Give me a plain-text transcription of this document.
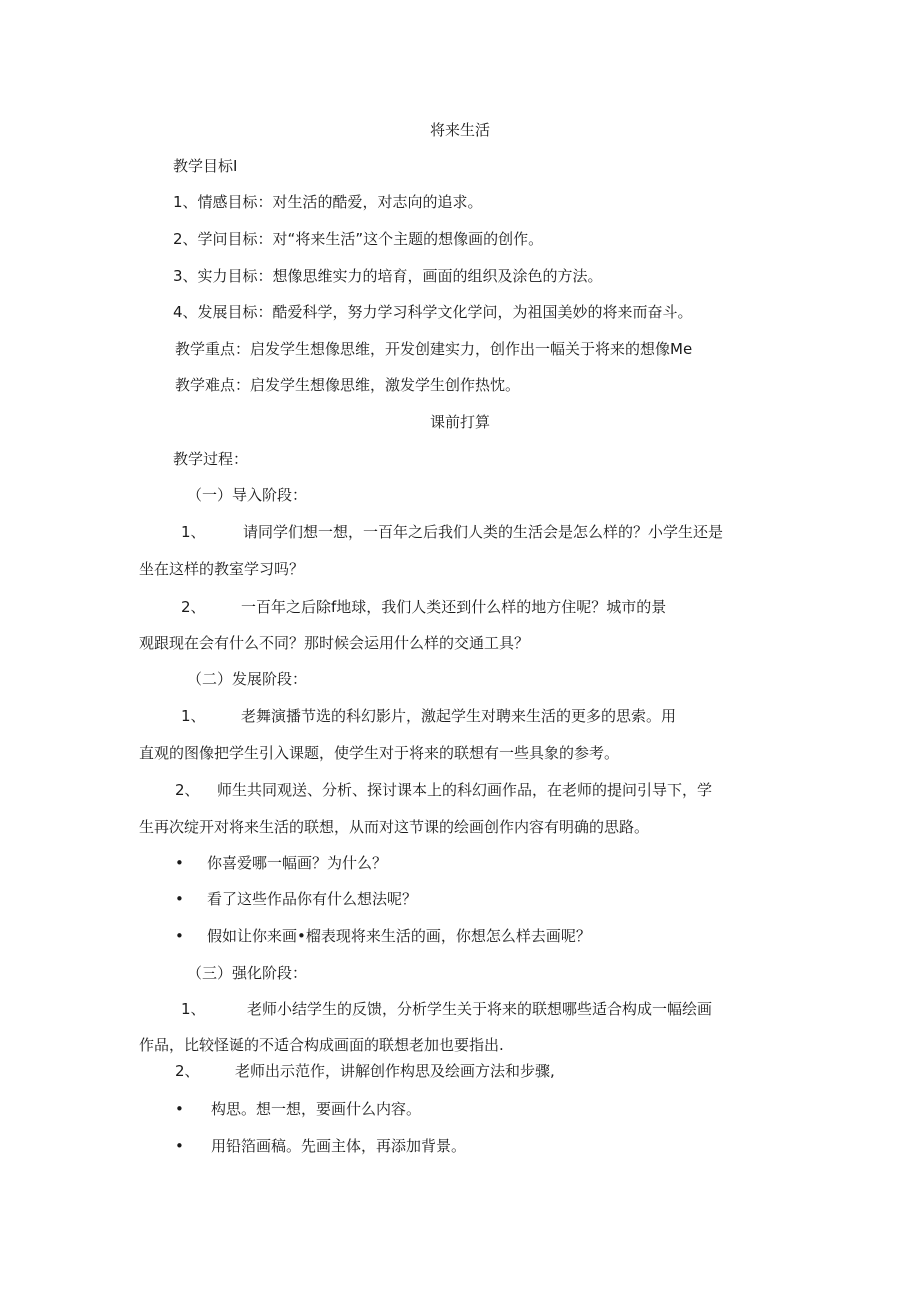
将来生活
教学目标I
1、情感目标：对生活的酷爱，对志向的追求。
2、学问目标：对“将来生活”这个主题的想像画的创作。
3、实力目标：想像思维实力的培育，画面的组织及涂色的方法。
4、发展目标：酷爱科学，努力学习科学文化学问，为祖国美妙的将来而奋斗。
教学重点：启发学生想像思维，开发创建实力，创作出一幅关于将来的想像Me
教学难点：启发学生想像思维，激发学生创作热忱。
课前打算
教学过程：
（一）导入阶段：
1、 请同学们想一想，一百年之后我们人类的生活会是怎么样的？小学生还是
坐在这样的教室学习吗？
2、 一百年之后除f地球，我们人类还到什么样的地方住呢？城市的景
观跟现在会有什么不同？那时候会运用什么样的交通工具？
（二）发展阶段：
1、 老舞演播节选的科幻影片，激起学生对聘来生活的更多的思索。用
直观的图像把学生引入课题，使学生对于将来的联想有一些具象的参考。
2、 师生共同观送、分析、探讨课本上的科幻画作品，在老师的提问引导下，学
生再次绽开对将来生活的联想，从而对这节课的绘画创作内容有明确的思路。
• 你喜爱哪一幅画？为什么？
• 看了这些作品你有什么想法呢？
• 假如让你来画•榴表现将来生活的画，你想怎么样去画呢？
（三）强化阶段：
1、	老师小结学生的反馈，分析学生关于将来的联想哪些适合构成一幅绘画
作品，比较怪诞的不适合构成画面的联想老加也要指出.
2、 老师出示范作，讲解创作构思及绘画方法和步骤,
• 构思。想一想，要画什么内容。
• 用铅箔画稿。先画主体，再添加背景。
